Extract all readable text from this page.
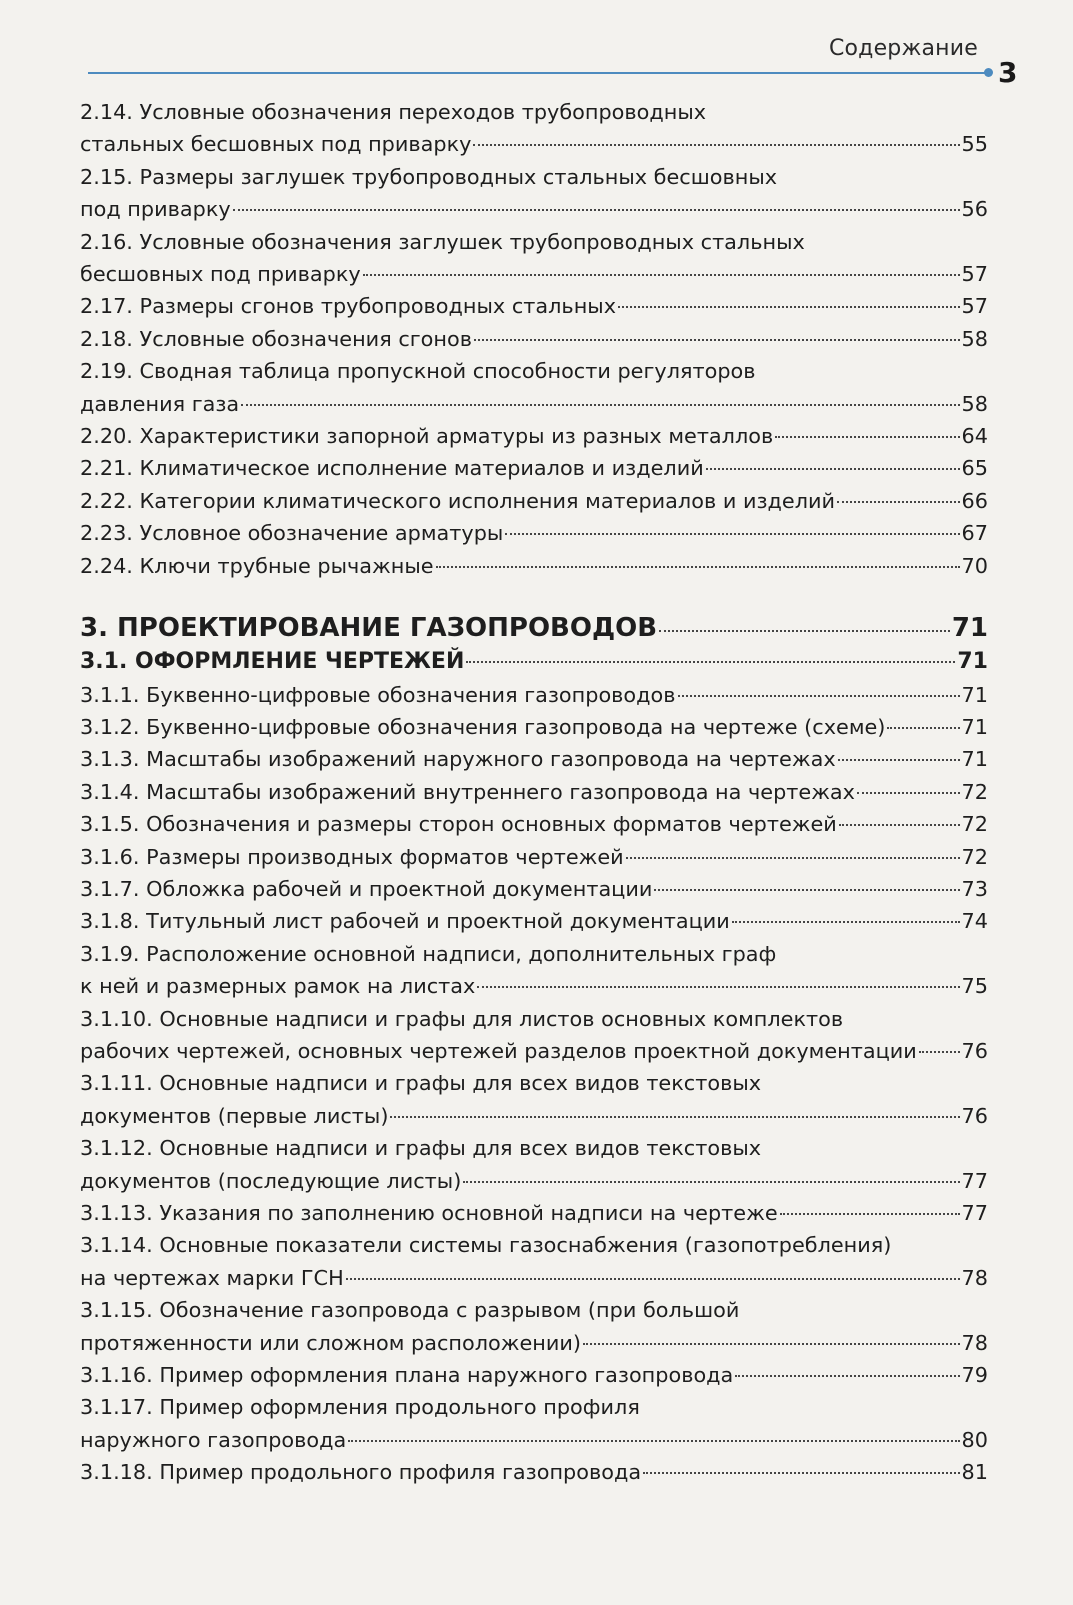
Содержание
3
2.14. Условные обозначения переходов трубопроводных
стальных бесшовных под приварку	55
2.15. Размеры заглушек трубопроводных стальных бесшовных
под приварку	56
2.16. Условные обозначения заглушек трубопроводных стальных
бесшовных под приварку	57
2.17. Размеры сгонов трубопроводных стальных	57
2.18. Условные обозначения сгонов	58
2.19. Сводная таблица пропускной способности регуляторов
давления газа	58
2.20. Характеристики запорной арматуры из разных металлов	64
2.21. Климатическое исполнение материалов и изделий	65
2.22. Категории климатического исполнения материалов и изделий	66
2.23. Условное обозначение арматуры	67
2.24. Ключи трубные рычажные	70
3. ПРОЕКТИРОВАНИЕ ГАЗОПРОВОДОВ	71
3.1. ОФОРМЛЕНИЕ ЧЕРТЕЖЕЙ	71
3.1.1. Буквенно-цифровые обозначения газопроводов	71
3.1.2. Буквенно-цифровые обозначения газопровода на чертеже (схеме)	71
3.1.3. Масштабы изображений наружного газопровода на чертежах	71
3.1.4. Масштабы изображений внутреннего газопровода на чертежах	72
3.1.5. Обозначения и размеры сторон основных форматов чертежей	72
3.1.6. Размеры производных форматов чертежей	72
3.1.7. Обложка рабочей и проектной документации	73
3.1.8. Титульный лист рабочей и проектной документации	74
3.1.9. Расположение основной надписи, дополнительных граф
к ней и размерных рамок на листах	75
3.1.10. Основные надписи и графы для листов основных комплектов
рабочих чертежей, основных чертежей разделов проектной документации 76
3.1.11. Основные надписи и графы для всех видов текстовых
документов (первые листы)	76
3.1.12. Основные надписи и графы для всех видов текстовых
документов (последующие листы)	77
3.1.13. Указания по заполнению основной надписи на чертеже	77
3.1.14. Основные показатели системы газоснабжения (газопотребления)
на чертежах марки ГСН	78
3.1.15. Обозначение газопровода с разрывом (при большой
протяженности или сложном расположении)	78
3.1.16. Пример оформления плана наружного газопровода	79
3.1.17. Пример оформления продольного профиля
наружного газопровода	80
3.1.18. Пример продольного профиля газопровода	81
